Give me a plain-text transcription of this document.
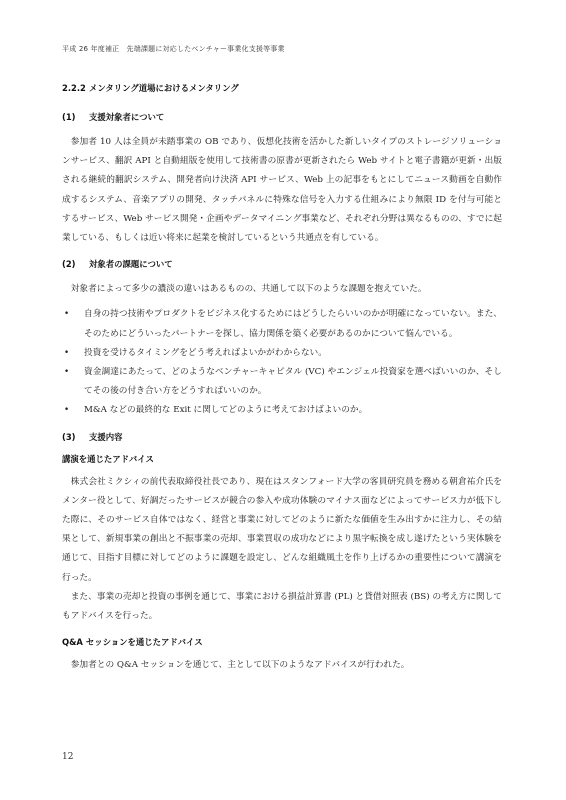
平成 26 年度補正　先端課題に対応したベンチャー事業化支援等事業
2.2.2 メンタリング道場におけるメンタリング
(1) 支援対象者について

参加者 10 人は全員が未踏事業の OB であり、仮想化技術を活かした新しいタイプのストレージソリューションサービス、翻訳 API と自動組版を使用して技術書の原書が更新されたら Web サイトと電子書籍が更新・出版される継続的翻訳システム、開発者向け決済 API サービス、Web 上の記事をもとにしてニュース動画を自動作成するシステム、音楽アプリの開発、タッチパネルに特殊な信号を入力する仕組みにより無限 ID を付与可能とするサービス、Web サービス開発・企画やデータマイニング事業など、それぞれ分野は異なるものの、すでに起業している、もしくは近い将来に起業を検討しているという共通点を有している。

(2) 対象者の課題について

対象者によって多少の濃淡の違いはあるものの、共通して以下のような課題を抱えていた。

• 自身の持つ技術やプロダクトをビジネス化するためにはどうしたらいいのかが明確になっていない。また、そのためにどういったパートナーを探し、協力関係を築く必要があるのかについて悩んでいる。
• 投資を受けるタイミングをどう考えればよいかがわからない。
• 資金調達にあたって、どのようなベンチャーキャピタル (VC) やエンジェル投資家を選べばいいのか、そしてその後の付き合い方をどうすればいいのか。
• M&A などの最終的な Exit に関してどのように考えておけばよいのか。
(3) 支援内容
講演を通じたアドバイス

株式会社ミクシィの前代表取締役社長であり、現在はスタンフォード大学の客員研究員を務める朝倉祐介氏をメンター役として、好調だったサービスが競合の参入や成功体験のマイナス面などによってサービス力が低下した際に、そのサービス自体ではなく、経営と事業に対してどのように新たな価値を生み出すかに注力し、その結果として、新規事業の創出と不振事業の売却、事業買収の成功などにより黒字転換を成し遂げたという実体験を通じて、目指す目標に対してどのように課題を設定し、どんな組織風土を作り上げるかの重要性について講演を行った。

また、事業の売却と投資の事例を通じて、事業における損益計算書 (PL) と貸借対照表 (BS) の考え方に関してもアドバイスを行った。

Q&A セッションを通じたアドバイス

参加者との Q&A セッションを通じて、主として以下のようなアドバイスが行われた。

12
